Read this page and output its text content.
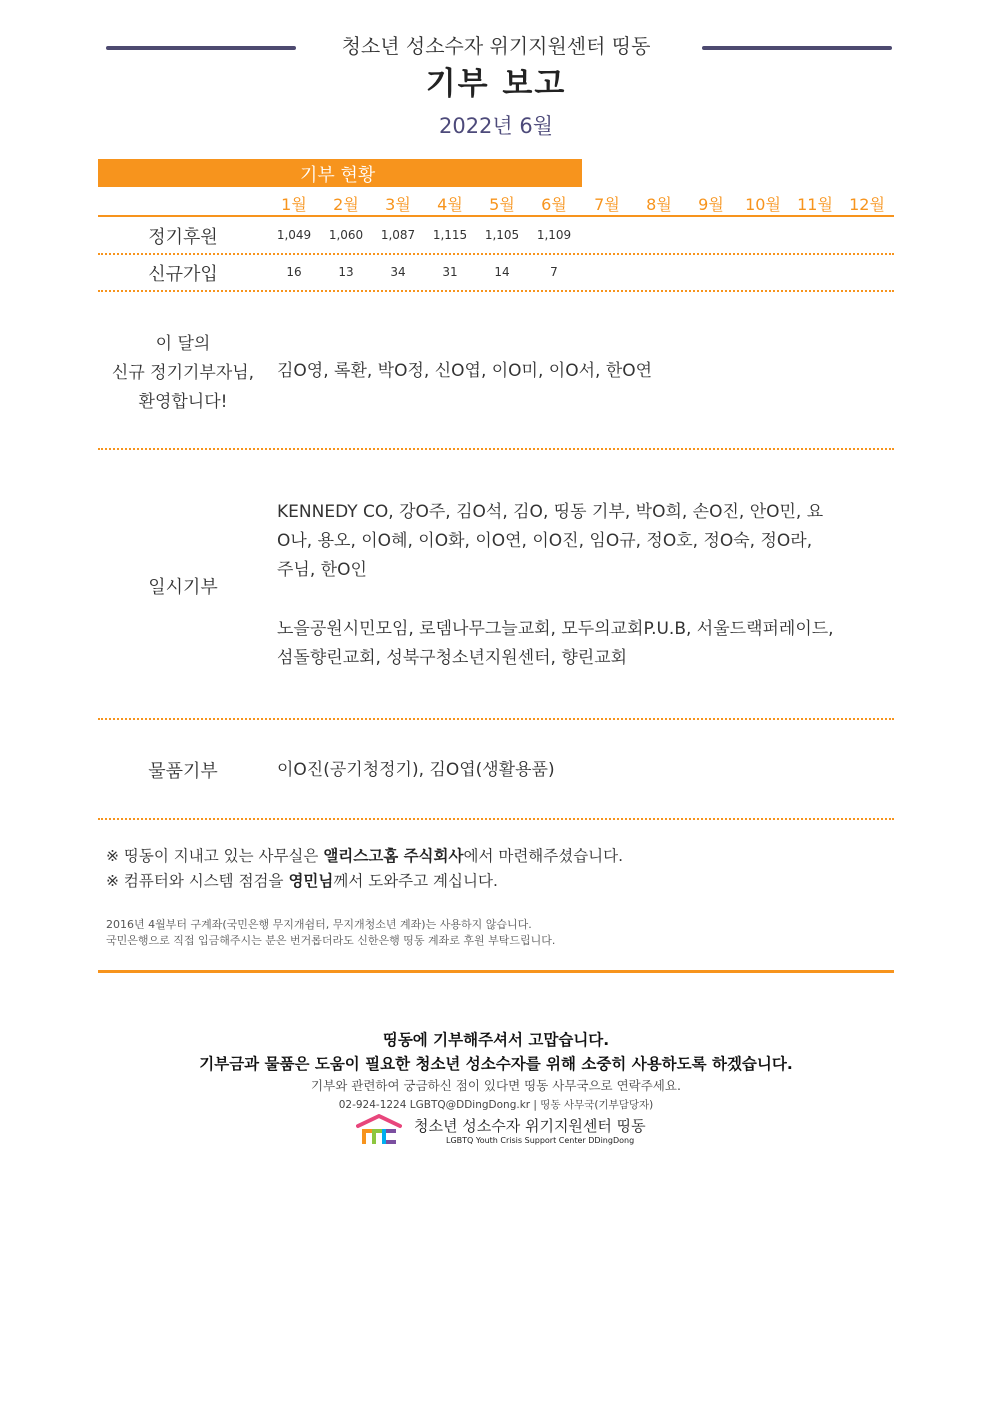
청소년 성소수자 위기지원센터 띵동
기부 보고
2022년 6월
기부 현황
1월	2월	3월	4월	5월	6월	7월	8월	9월	10월	11월	12월
정기후원	1,049	1,060	1,087	1,115	1,105	1,109
신규가입	16	13	34	31	14	7
이 달의
신규 정기기부자님,
환영합니다!
김O영, 록환, 박O정, 신O엽, 이O미, 이O서, 한O연
일시기부
KENNEDY CO, 강O주, 김O석, 김O, 띵동 기부, 박O희, 손O진, 안O민, 요
O나, 용오, 이O혜, 이O화, 이O연, 이O진, 임O규, 정O호, 정O숙, 정O라,
주님, 한O인
노을공원시민모임, 로뎀나무그늘교회, 모두의교회P.U.B, 서울드랙퍼레이드,
섬돌향린교회, 성북구청소년지원센터, 향린교회
물품기부	이O진(공기청정기), 김O엽(생활용품)
※ 띵동이 지내고 있는 사무실은 앨리스고홈 주식회사에서 마련해주셨습니다.
※ 컴퓨터와 시스템 점검을 영민님께서 도와주고 계십니다.
2016년 4월부터 구계좌(국민은행 무지개쉼터, 무지개청소년 계좌)는 사용하지 않습니다.
국민은행으로 직접 입금해주시는 분은 번거롭더라도 신한은행 띵동 계좌로 후원 부탁드립니다.
띵동에 기부해주셔서 고맙습니다.
기부금과 물품은 도움이 필요한 청소년 성소수자를 위해 소중히 사용하도록 하겠습니다.
기부와 관련하여 궁금하신 점이 있다면 띵동 사무국으로 연락주세요.
02-924-1224 LGBTQ@DDingDong.kr | 띵동 사무국(기부담당자)
청소년 성소수자 위기지원센터 띵동
LGBTQ Youth Crisis Support Center DDingDong
